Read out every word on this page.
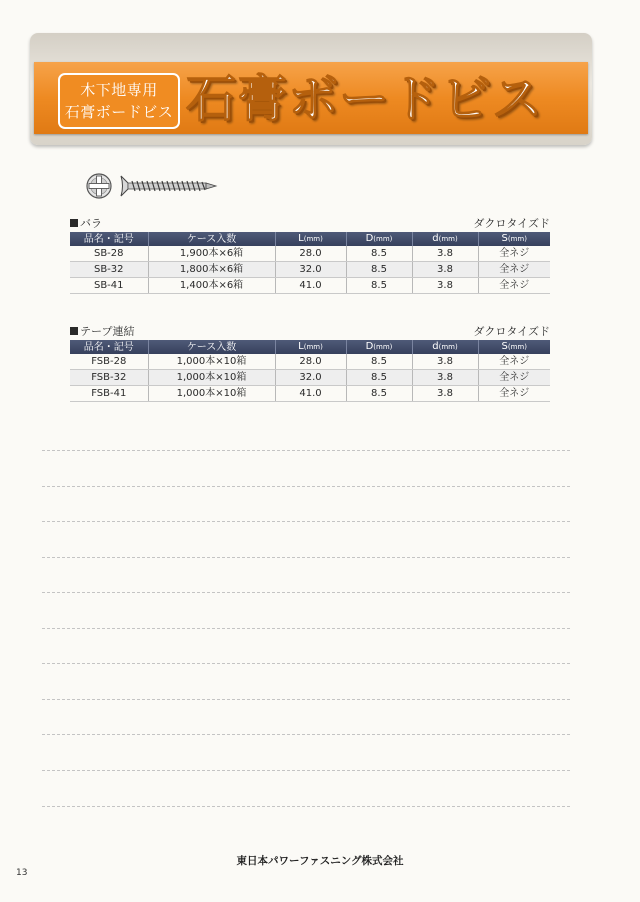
木下地専用
石膏ボードビス 石膏ボードビス
バラ	ダクロタイズド
品名・記号	ケース入数	L(mm)	D(mm)	d(mm)	S(mm)
SB-28	1,900本×6箱	28.0	8.5	3.8	全ネジ
SB-32	1,800本×6箱	32.0	8.5	3.8	全ネジ
SB-41	1,400本×6箱	41.0	8.5	3.8	全ネジ
テープ連結	ダクロタイズド
品名・記号	ケース入数	L(mm)	D(mm)	d(mm)	S(mm)
FSB-28	1,000本×10箱	28.0	8.5	3.8	全ネジ
FSB-32	1,000本×10箱	32.0	8.5	3.8	全ネジ
FSB-41	1,000本×10箱	41.0	8.5	3.8	全ネジ
東日本パワーファスニング株式会社
13
